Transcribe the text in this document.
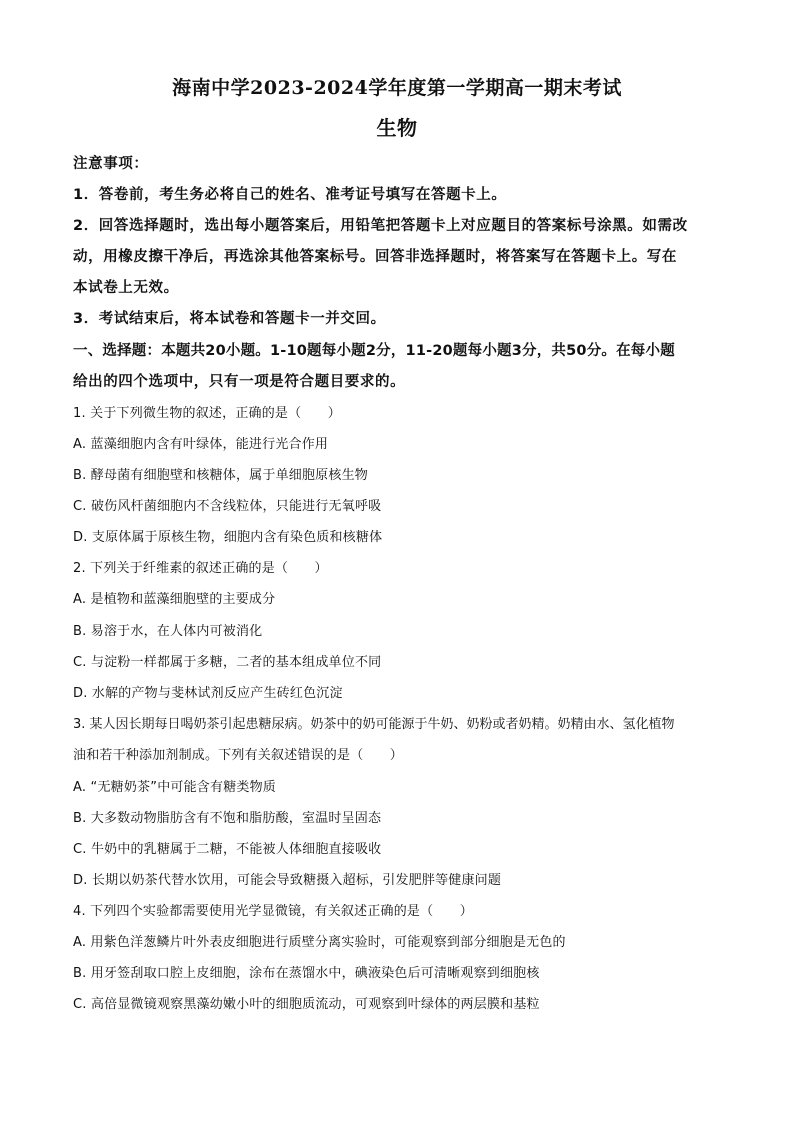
海南中学2023-2024学年度第一学期高一期末考试
生物
注意事项：
1．答卷前，考生务必将自己的姓名、准考证号填写在答题卡上。
2．回答选择题时，选出每小题答案后，用铅笔把答题卡上对应题目的答案标号涂黑。如需改
动，用橡皮擦干净后，再选涂其他答案标号。回答非选择题时，将答案写在答题卡上。写在
本试卷上无效。
3．考试结束后，将本试卷和答题卡一并交回。
一、选择题：本题共20小题。1-10题每小题2分，11-20题每小题3分，共50分。在每小题
给出的四个选项中，只有一项是符合题目要求的。
1. 关于下列微生物的叙述，正确的是（　　）
A. 蓝藻细胞内含有叶绿体，能进行光合作用
B. 酵母菌有细胞壁和核糖体，属于单细胞原核生物
C. 破伤风杆菌细胞内不含线粒体，只能进行无氧呼吸
D. 支原体属于原核生物，细胞内含有染色质和核糖体
2. 下列关于纤维素的叙述正确的是（　　）
A. 是植物和蓝藻细胞壁的主要成分
B. 易溶于水，在人体内可被消化
C. 与淀粉一样都属于多糖，二者的基本组成单位不同
D. 水解的产物与斐林试剂反应产生砖红色沉淀
3. 某人因长期每日喝奶茶引起患糖尿病。奶茶中的奶可能源于牛奶、奶粉或者奶精。奶精由水、氢化植物
油和若干种添加剂制成。下列有关叙述错误的是（　　）
A. “无糖奶茶”中可能含有糖类物质
B. 大多数动物脂肪含有不饱和脂肪酸，室温时呈固态
C. 牛奶中的乳糖属于二糖，不能被人体细胞直接吸收
D. 长期以奶茶代替水饮用，可能会导致糖摄入超标，引发肥胖等健康问题
4. 下列四个实验都需要使用光学显微镜，有关叙述正确的是（　　）
A. 用紫色洋葱鳞片叶外表皮细胞进行质壁分离实验时，可能观察到部分细胞是无色的
B. 用牙签刮取口腔上皮细胞，涂布在蒸馏水中，碘液染色后可清晰观察到细胞核
C. 高倍显微镜观察黑藻幼嫩小叶的细胞质流动，可观察到叶绿体的两层膜和基粒
